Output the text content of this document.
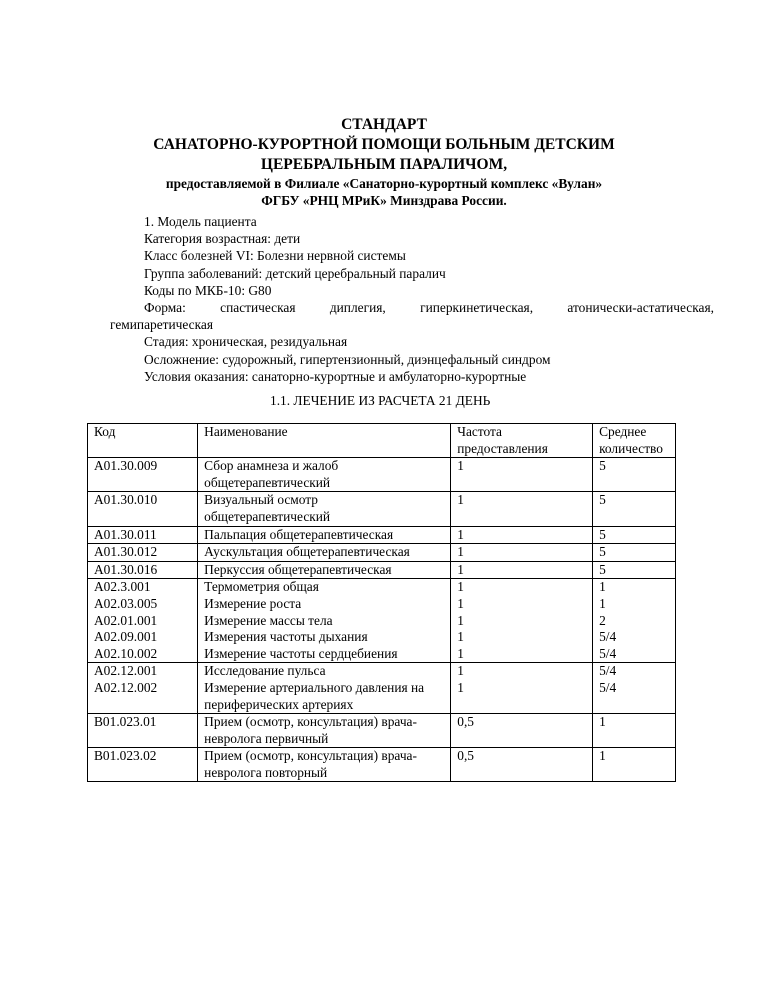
СТАНДАРТ
САНАТОРНО-КУРОРТНОЙ ПОМОЩИ БОЛЬНЫМ ДЕТСКИМ
ЦЕРЕБРАЛЬНЫМ ПАРАЛИЧОМ,
предоставляемой в Филиале «Санаторно-курортный комплекс «Вулан»
ФГБУ «РНЦ МРиК» Минздрава России.
1. Модель пациента
Категория возрастная: дети
Класс болезней VI: Болезни нервной системы
Группа заболеваний: детский церебральный паралич
Коды по МКБ-10: G80
Форма:	спастическая	диплегия,	гиперкинетическая,	атонически-астатическая,
гемипаретическая
Стадия: хроническая, резидуальная
Осложнение: судорожный, гипертензионный, диэнцефальный синдром
Условия оказания: санаторно-курортные и амбулаторно-курортные
1.1. ЛЕЧЕНИЕ ИЗ РАСЧЕТА 21 ДЕНЬ
Код	Наименование	Частота предоставления	Среднее количество
A01.30.009	Сбор анамнеза и жалоб общетерапевтический	1	5
A01.30.010	Визуальный осмотр общетерапевтический	1	5
A01.30.011	Пальпация общетерапевтическая	1	5
A01.30.012	Аускультация общетерапевтическая	1	5
A01.30.016	Перкуссия общетерапевтическая	1	5
A02.3.001	Термометрия общая	1	1
A02.03.005	Измерение роста	1	1
A02.01.001	Измерение массы тела	1	2
A02.09.001	Измерения частоты дыхания	1	5/4
A02.10.002	Измерение частоты сердцебиения	1	5/4
A02.12.001	Исследование пульса	1	5/4
A02.12.002	Измерение артериального давления на периферических артериях	1	5/4
B01.023.01	Прием (осмотр, консультация) врача-невролога первичный	0,5	1
B01.023.02	Прием (осмотр, консультация) врача-невролога повторный	0,5	1
